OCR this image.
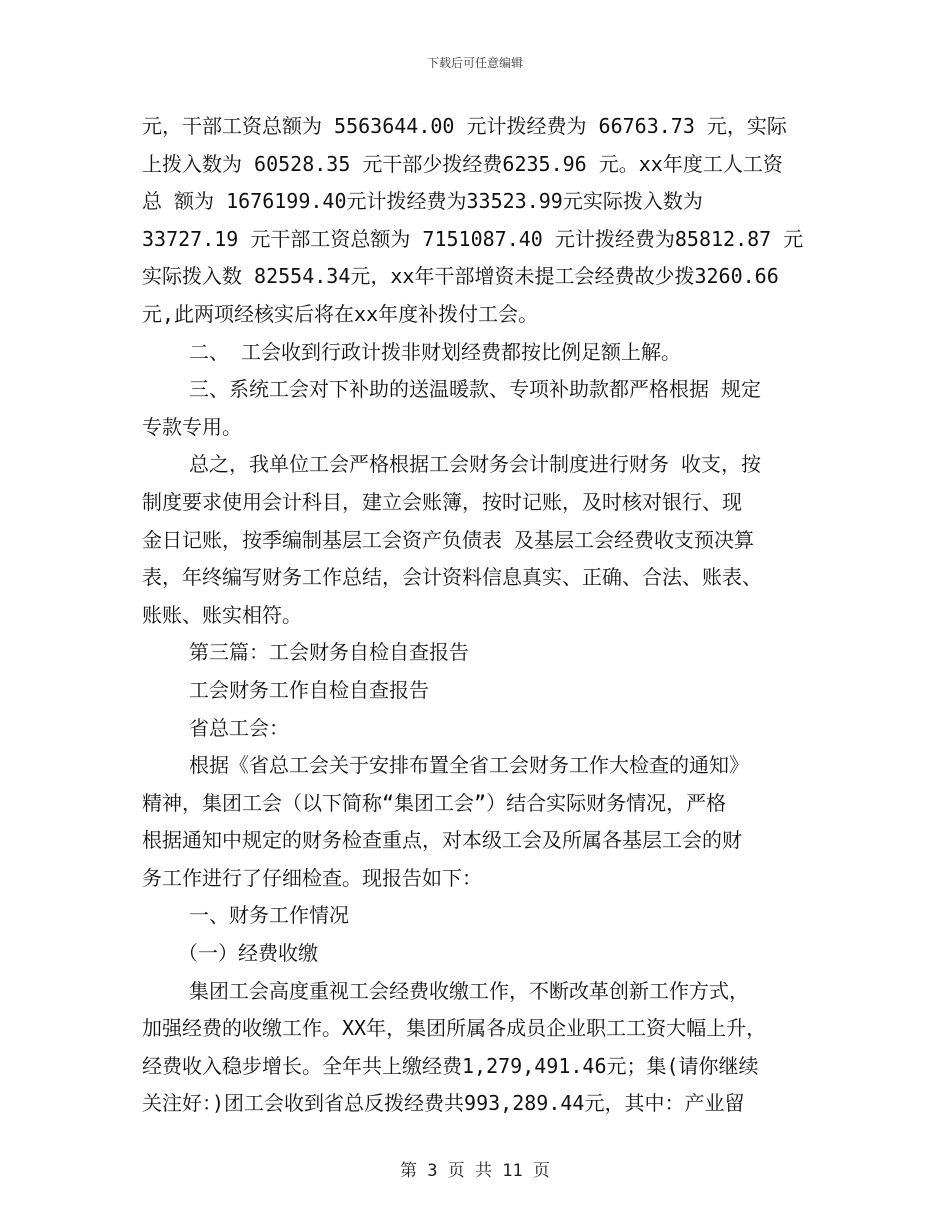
下载后可任意编辑

元，干部工资总额为 5563644.00 元计拨经费为 66763.73 元，实际

上拨入数为 60528.35 元干部少拨经费6235.96 元。xx年度工人工资

总 额为 1676199.40元计拨经费为33523.99元实际拨入数为

33727.19 元干部工资总额为 7151087.40 元计拨经费为85812.87 元

实际拨入数 82554.34元，xx年干部增资未提工会经费故少拨3260.66

元,此两项经核实后将在xx年度补拨付工会。

二、 工会收到行政计拨非财划经费都按比例足额上解。

三、系统工会对下补助的送温暖款、专项补助款都严格根据 规定

专款专用。

总之，我单位工会严格根据工会财务会计制度进行财务 收支，按

制度要求使用会计科目，建立会账簿，按时记账，及时核对银行、现

金日记账，按季编制基层工会资产负债表 及基层工会经费收支预决算

表，年终编写财务工作总结，会计资料信息真实、正确、合法、账表、

账账、账实相符。

第三篇：工会财务自检自查报告

工会财务工作自检自查报告

省总工会：

根据《省总工会关于安排布置全省工会财务工作大检查的通知》

精神，集团工会（以下简称“集团工会”）结合实际财务情况，严格

根据通知中规定的财务检查重点，对本级工会及所属各基层工会的财

务工作进行了仔细检查。现报告如下：

一、财务工作情况

（一）经费收缴

集团工会高度重视工会经费收缴工作，不断改革创新工作方式，

加强经费的收缴工作。XX年，集团所属各成员企业职工工资大幅上升，

经费收入稳步增长。全年共上缴经费1,279,491.46元；集(请你继续

关注好：)团工会收到省总反拨经费共993,289.44元，其中：产业留

第 3 页 共 11 页
